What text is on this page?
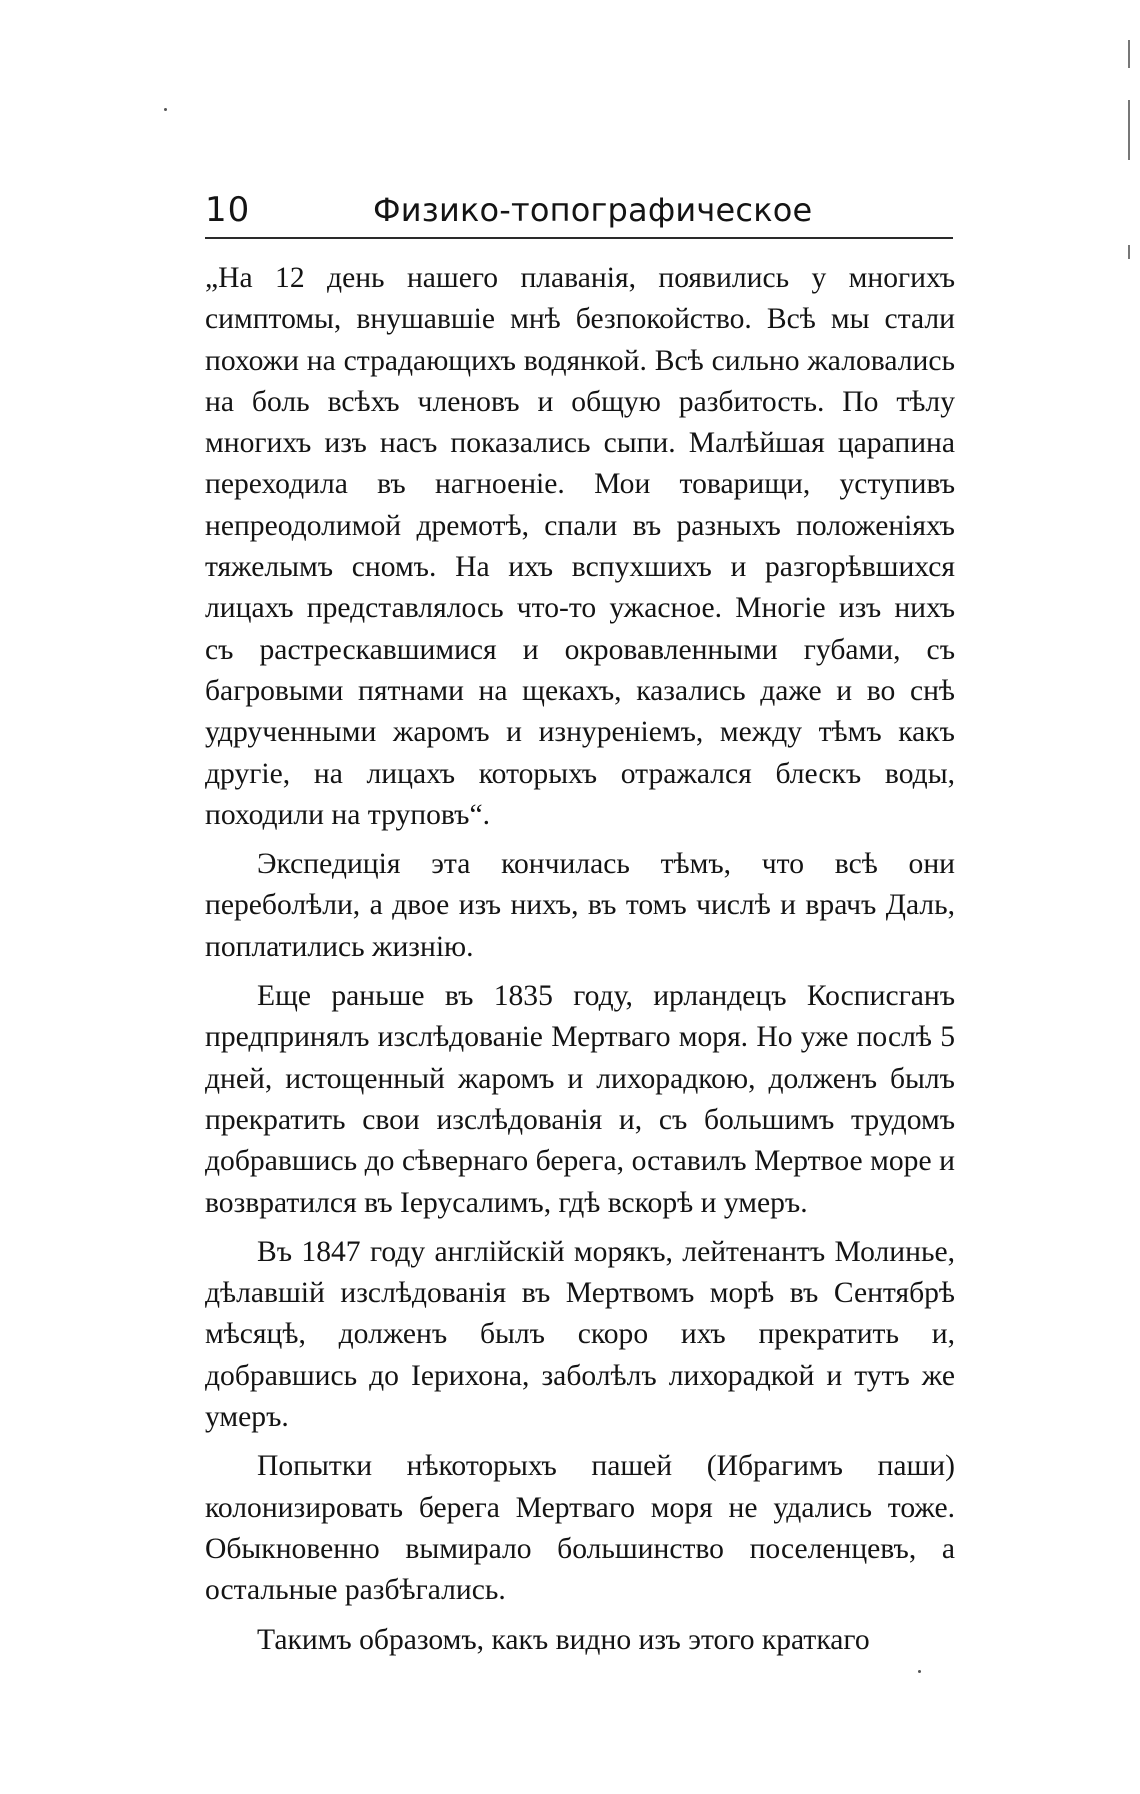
10	Физико-топографическое

„На 12 день нашего плаванія, появились у многихъ симптомы, внушавшіе мнѣ безпокойство. Всѣ мы стали похожи на страдающихъ водянкой. Всѣ сильно жаловались на боль всѣхъ членовъ и общую разбитость. По тѣлу многихъ изъ насъ показались сыпи. Малѣйшая царапина переходила въ нагноеніе. Мои товарищи, уступивъ непреодолимой дремотѣ, спали въ разныхъ положеніяхъ тяжелымъ сномъ. На ихъ вспухшихъ и разгорѣвшихся лицахъ представлялось что-то ужасное. Многіе изъ нихъ съ растрескавшимися и окровавленными губами, съ багровыми пятнами на щекахъ, казались даже и во снѣ удрученными жаромъ и изнуреніемъ, между тѣмъ какъ другіе, на лицахъ которыхъ отражался блескъ воды, походили на труповъ“.

Экспедиція эта кончилась тѣмъ, что всѣ они переболѣли, а двое изъ нихъ, въ томъ числѣ и врачъ Даль, поплатились жизнію.

Еще раньше въ 1835 году, ирландецъ Косписганъ предпринялъ изслѣдованіе Мертваго моря. Но уже послѣ 5 дней, истощенный жаромъ и лихорадкою, долженъ былъ прекратить свои изслѣдованія и, съ большимъ трудомъ добравшись до сѣвернаго берега, оставилъ Мертвое море и возвратился въ Іерусалимъ, гдѣ вскорѣ и умеръ.

Въ 1847 году англійскій морякъ, лейтенантъ Молинье, дѣлавшій изслѣдованія въ Мертвомъ морѣ въ Сентябрѣ мѣсяцѣ, долженъ былъ скоро ихъ прекратить и, добравшись до Іерихона, заболѣлъ лихорадкой и тутъ же умеръ.

Попытки нѣкоторыхъ пашей (Ибрагимъ паши) колонизировать берега Мертваго моря не удались тоже. Обыкновенно вымирало большинство поселенцевъ, а остальные разбѣгались.

Такимъ образомъ, какъ видно изъ этого краткаго
